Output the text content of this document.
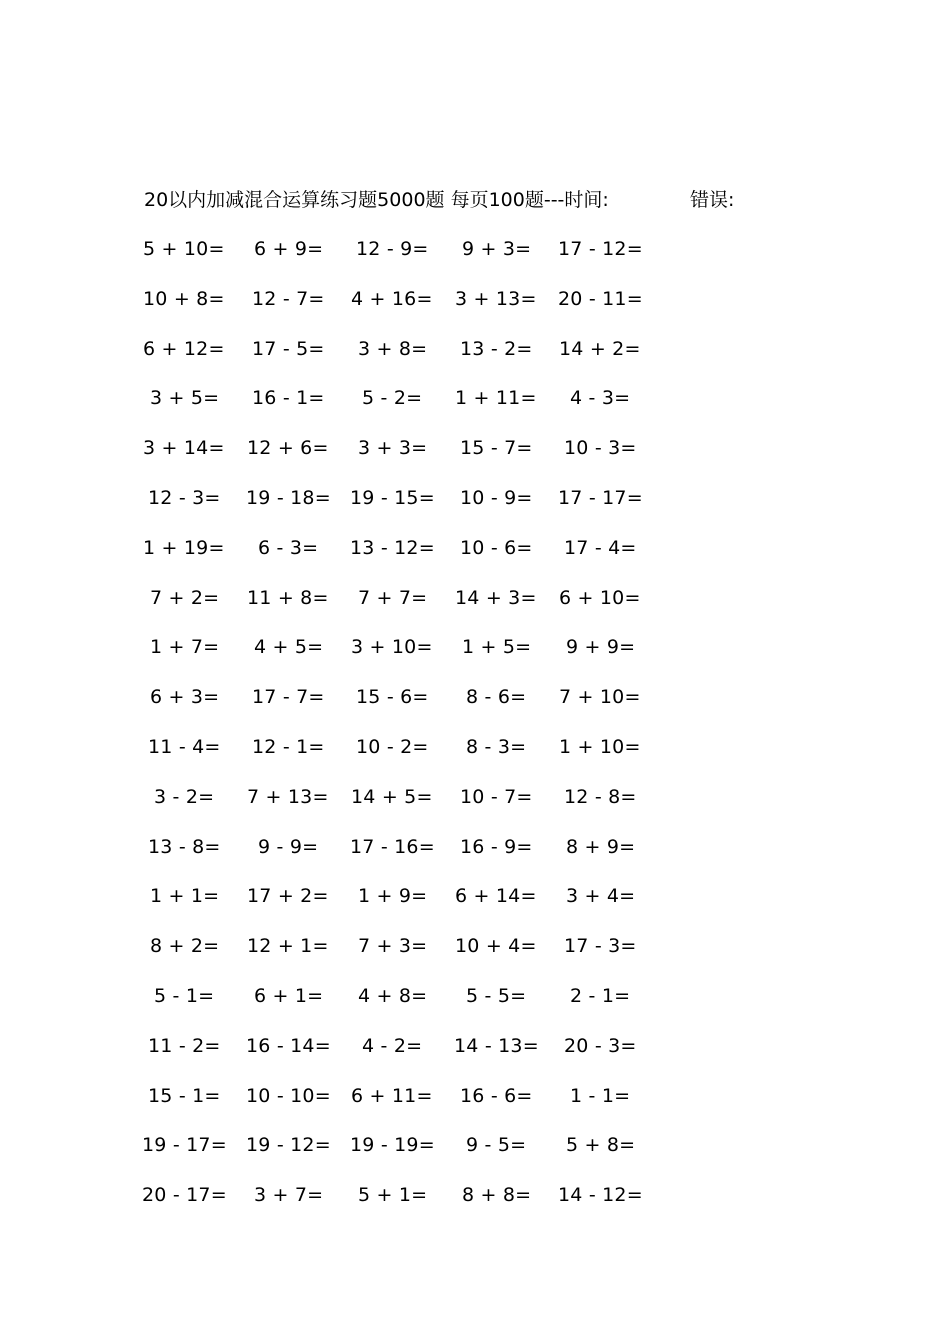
20以内加减混合运算练习题5000题 每页100题---时间:	错误:
5 + 10= 6 + 9= 12 - 9= 9 + 3= 17 - 12=
10 + 8= 12 - 7= 4 + 16= 3 + 13= 20 - 11=
6 + 12= 17 - 5= 3 + 8= 13 - 2= 14 + 2=
3 + 5= 16 - 1= 5 - 2= 1 + 11= 4 - 3=
3 + 14= 12 + 6= 3 + 3= 15 - 7= 10 - 3=
12 - 3= 19 - 18= 19 - 15= 10 - 9= 17 - 17=
1 + 19= 6 - 3= 13 - 12= 10 - 6= 17 - 4=
7 + 2= 11 + 8= 7 + 7= 14 + 3= 6 + 10=
1 + 7= 4 + 5= 3 + 10= 1 + 5= 9 + 9=
6 + 3= 17 - 7= 15 - 6= 8 - 6= 7 + 10=
11 - 4= 12 - 1= 10 - 2= 8 - 3= 1 + 10=
3 - 2= 7 + 13= 14 + 5= 10 - 7= 12 - 8=
13 - 8= 9 - 9= 17 - 16= 16 - 9= 8 + 9=
1 + 1= 17 + 2= 1 + 9= 6 + 14= 3 + 4=
8 + 2= 12 + 1= 7 + 3= 10 + 4= 17 - 3=
5 - 1= 6 + 1= 4 + 8= 5 - 5= 2 - 1=
11 - 2= 16 - 14= 4 - 2= 14 - 13= 20 - 3=
15 - 1= 10 - 10= 6 + 11= 16 - 6= 1 - 1=
19 - 17= 19 - 12= 19 - 19= 9 - 5= 5 + 8=
20 - 17= 3 + 7= 5 + 1= 8 + 8= 14 - 12=
